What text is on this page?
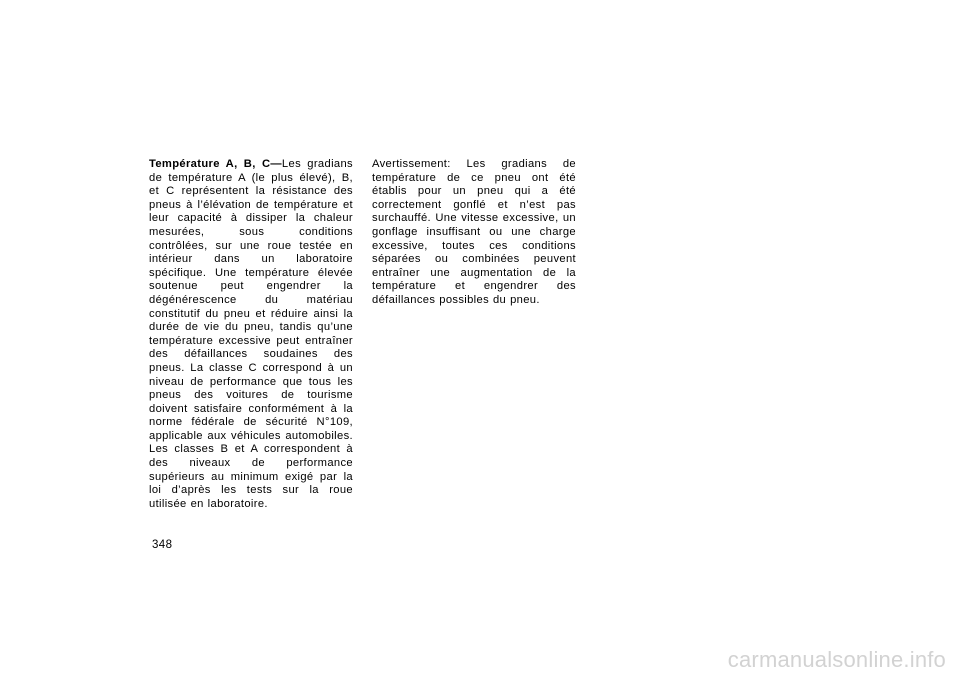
Température A, B, C—Les gradians de température A (le plus élevé), B, et C représentent la résistance des pneus à l’élévation de température et leur capacité à dissiper la chaleur mesurées, sous conditions contrôlées, sur une roue testée en intérieur dans un laboratoire spécifique. Une température élevée soutenue peut engendrer la dégénérescence du matériau constitutif du pneu et réduire ainsi la durée de vie du pneu, tandis qu’une température excessive peut entraîner des défaillances soudaines des pneus. La classe C correspond à un niveau de performance que tous les pneus des voitures de tourisme doivent satisfaire conformément à la norme fédérale de sécurité N°109, applicable aux véhicules automobiles. Les classes B et A correspondent à des niveaux de performance supérieurs au minimum exigé par la loi d’après les tests sur la roue utilisée en laboratoire.
Avertissement: Les gradians de température de ce pneu ont été établis pour un pneu qui a été correctement gonflé et n’est pas surchauffé. Une vitesse excessive, un gonflage insuffisant ou une charge excessive, toutes ces conditions séparées ou combinées peuvent entraîner une augmentation de la température et engendrer des défaillances possibles du pneu.
348
carmanualsonline.info
